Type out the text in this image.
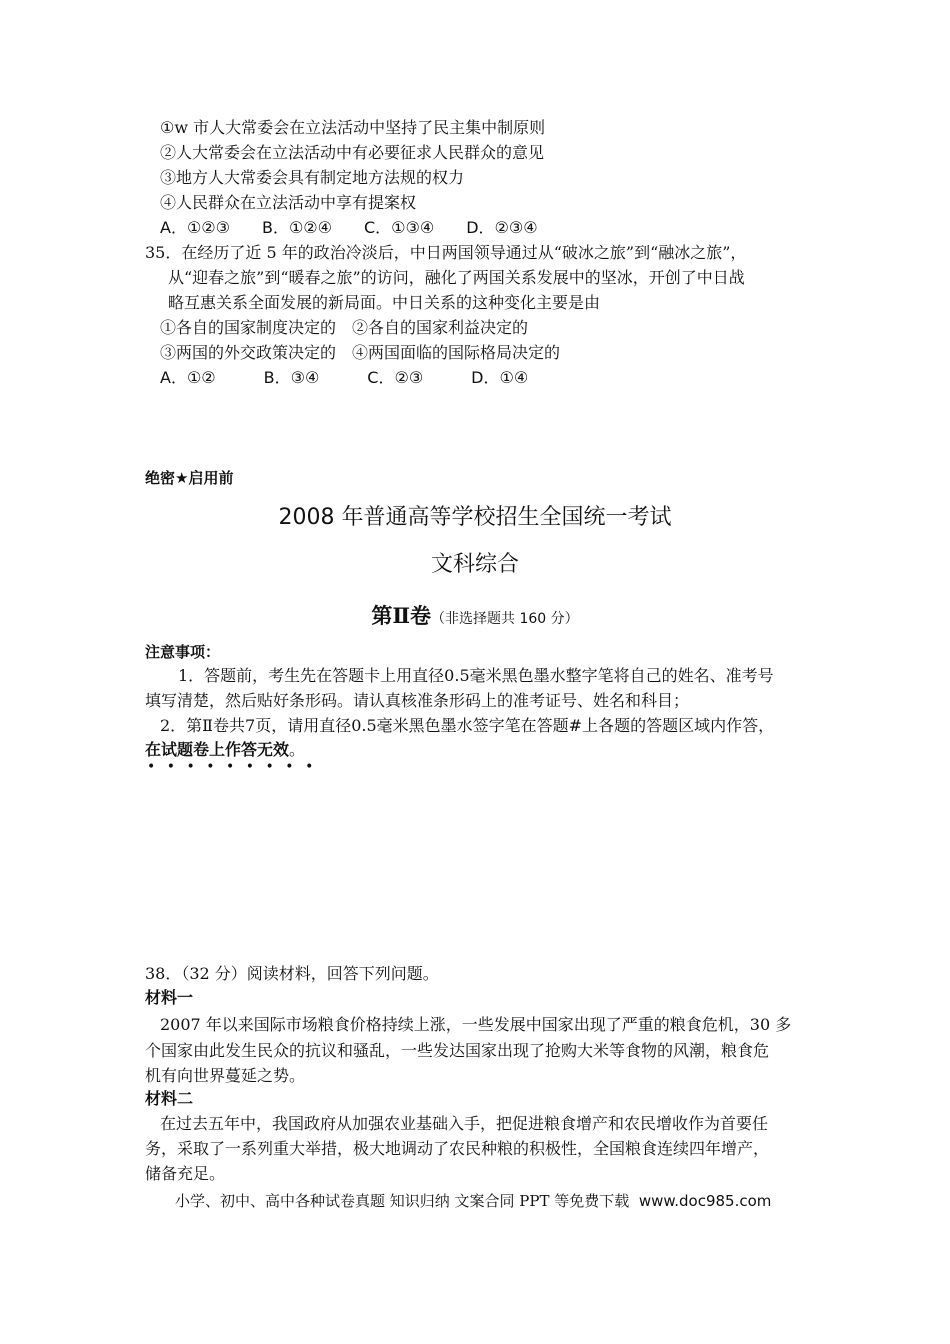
①w 市人大常委会在立法活动中坚持了民主集中制原则
②人大常委会在立法活动中有必要征求人民群众的意见
③地方人大常委会具有制定地方法规的权力
④人民群众在立法活动中享有提案权
A．①②③　　B．①②④　　C．①③④　　D．②③④
35．在经历了近 5 年的政治冷淡后，中日两国领导通过从“破冰之旅”到“融冰之旅”，
从“迎春之旅”到“暖春之旅”的访问，融化了两国关系发展中的坚冰，开创了中日战
略互惠关系全面发展的新局面。中日关系的这种变化主要是由
①各自的国家制度决定的　②各自的国家利益决定的
③两国的外交政策决定的　④两国面临的国际格局决定的
A．①②　　　B．③④　　　C．②③　　　D．①④
绝密★启用前
2008 年普通高等学校招生全国统一考试
文科综合
第Ⅱ卷（非选择题共 160 分）
注意事项：
1．答题前，考生先在答题卡上用直径0.5毫米黑色墨水整字笔将自己的姓名、准考号
填写清楚，然后贴好条形码。请认真核准条形码上的准考证号、姓名和科目；
2．第Ⅱ卷共7页，请用直径0.5毫米黑色墨水签字笔在答题#上各题的答题区域内作答，
在试题卷上作答无效。
•••••••••
38．（32 分）阅读材料，回答下列问题。
材料一
2007 年以来国际市场粮食价格持续上涨，一些发展中国家出现了严重的粮食危机，30 多
个国家由此发生民众的抗议和骚乱，一些发达国家出现了抢购大米等食物的风潮，粮食危
机有向世界蔓延之势。
材料二
在过去五年中，我国政府从加强农业基础入手，把促进粮食增产和农民增收作为首要任
务，采取了一系列重大举措，极大地调动了农民种粮的积极性，全国粮食连续四年增产，
储备充足。
小学、初中、高中各种试卷真题 知识归纳 文案合同 PPT 等免费下载 www.doc985.com
